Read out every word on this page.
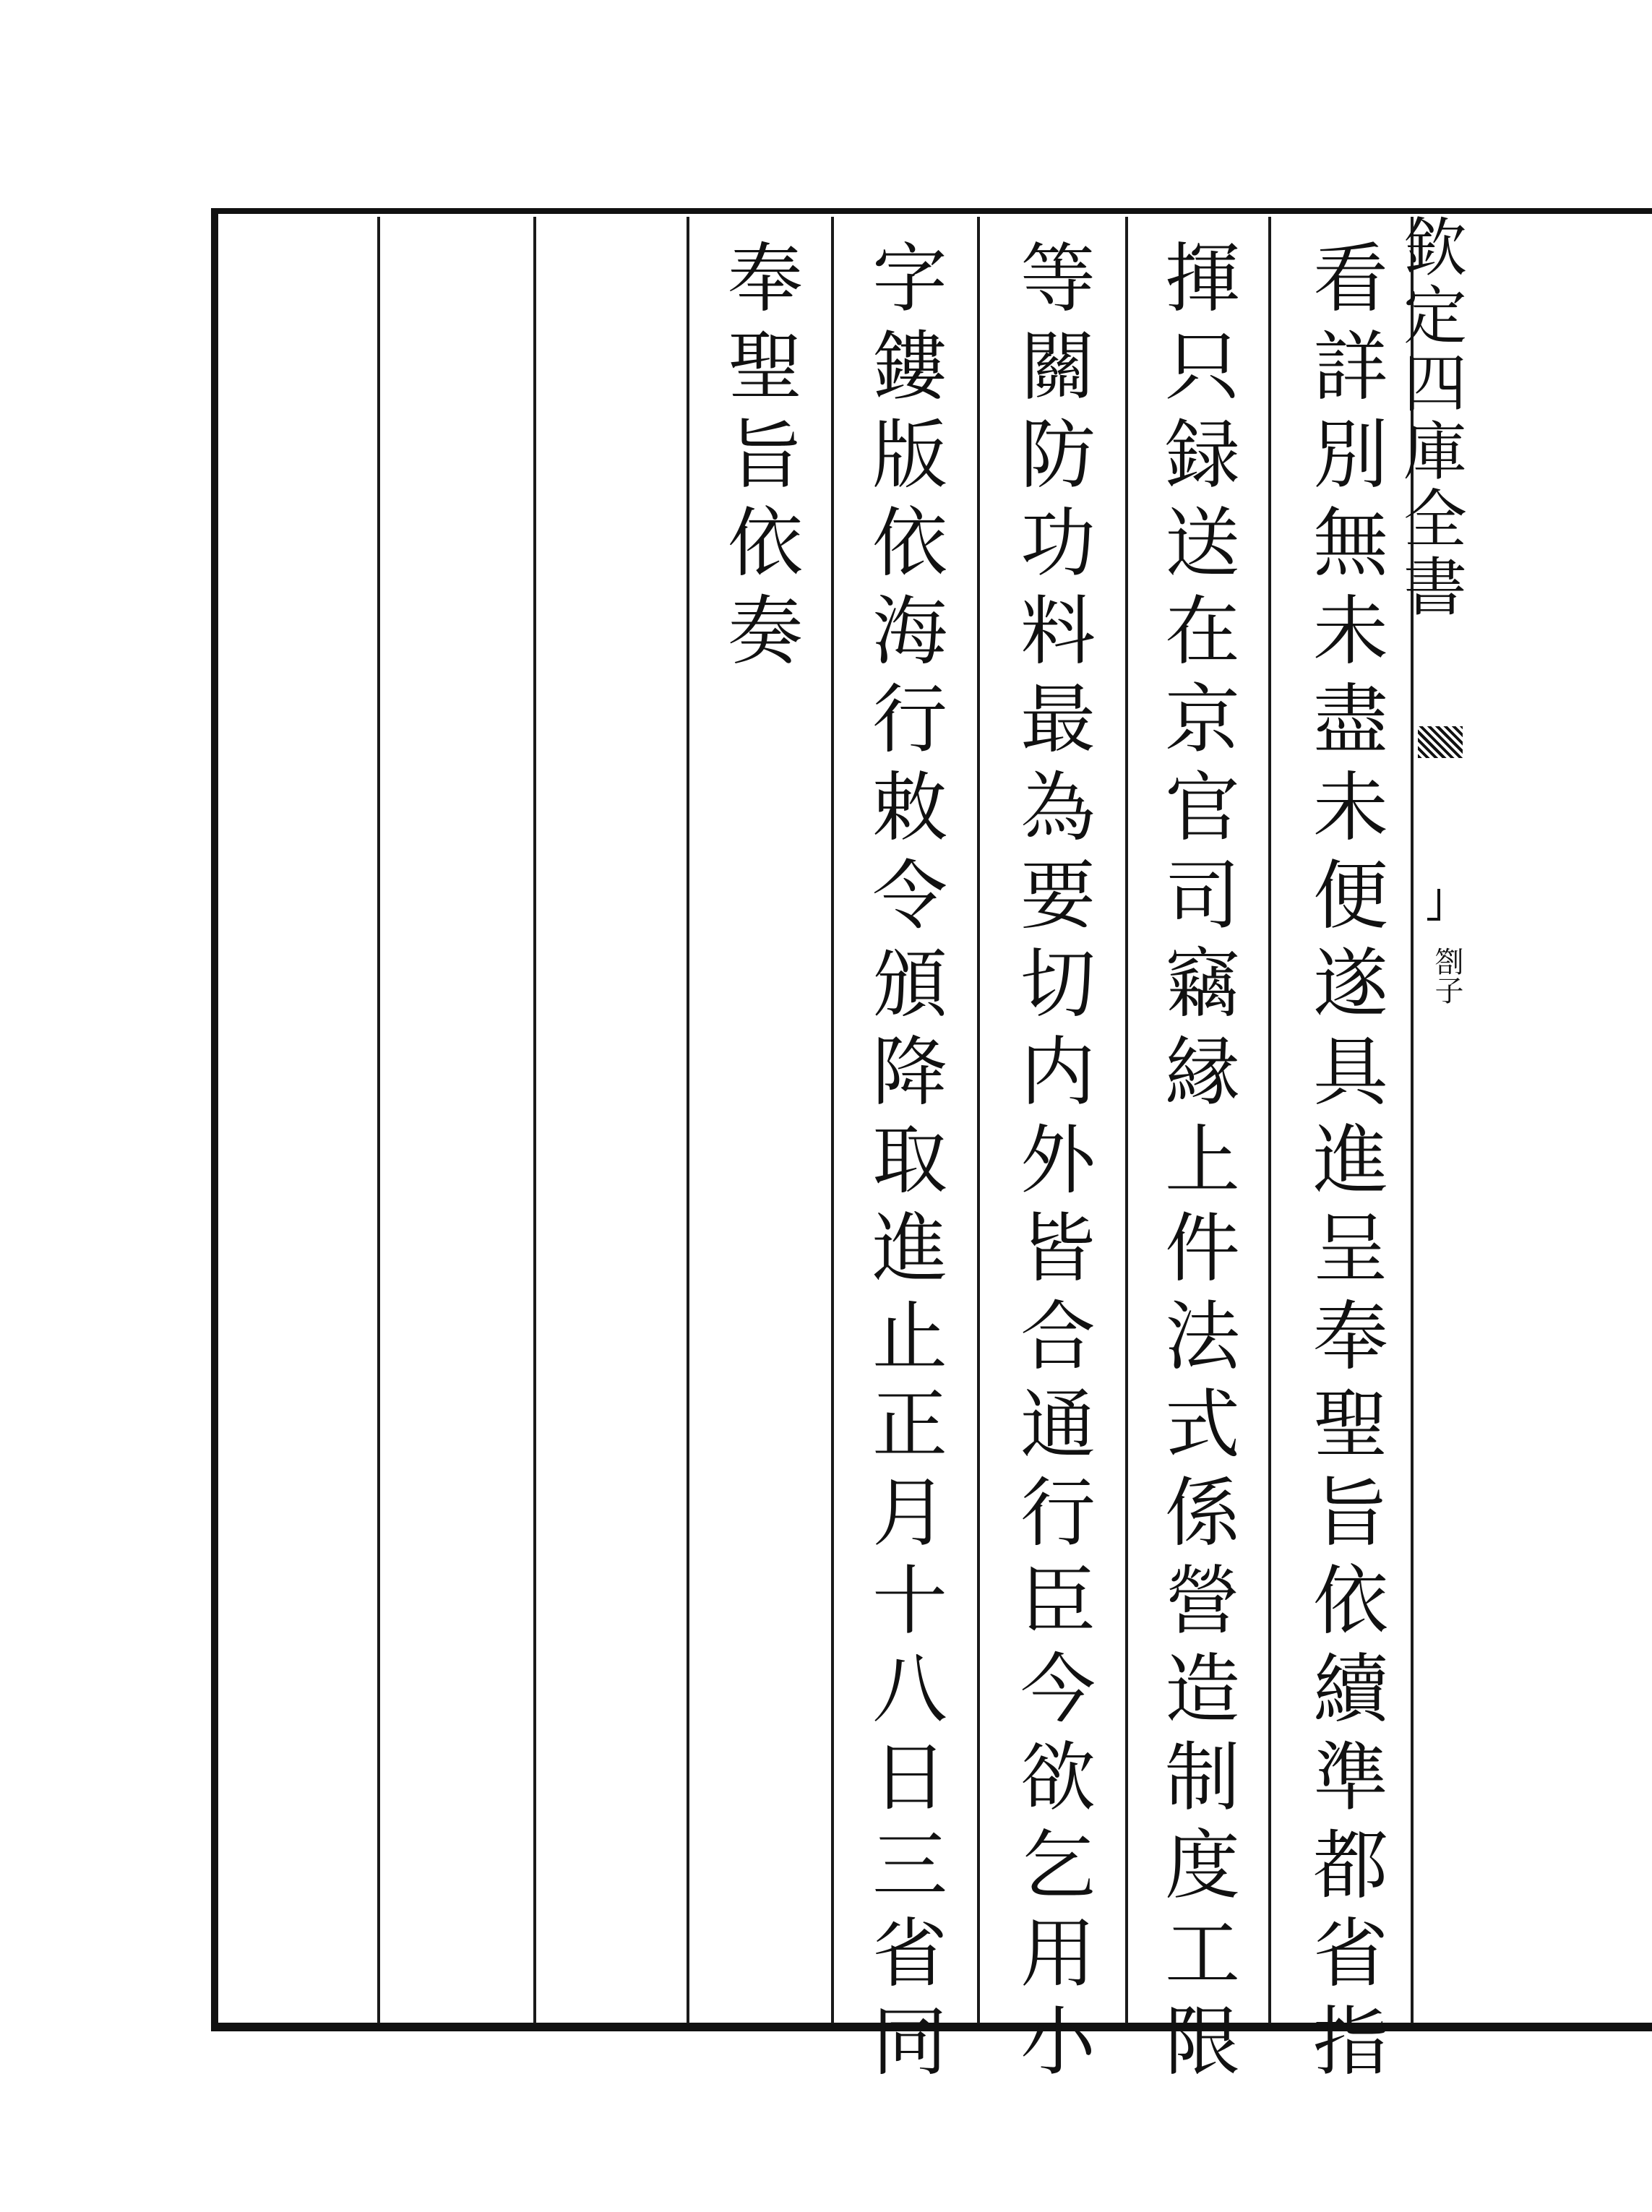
欽定四庫全書
劄子
看詳別無未盡未便遂具進呈奉聖旨依續準都省指
揮只録送在京官司竊縁上件法式係營造制度工限
等關防功料最為要切内外皆合通行臣今欲乞用小
字鏤版依海行敕令頒降取進止正月十八日三省同
奉聖旨依奏
